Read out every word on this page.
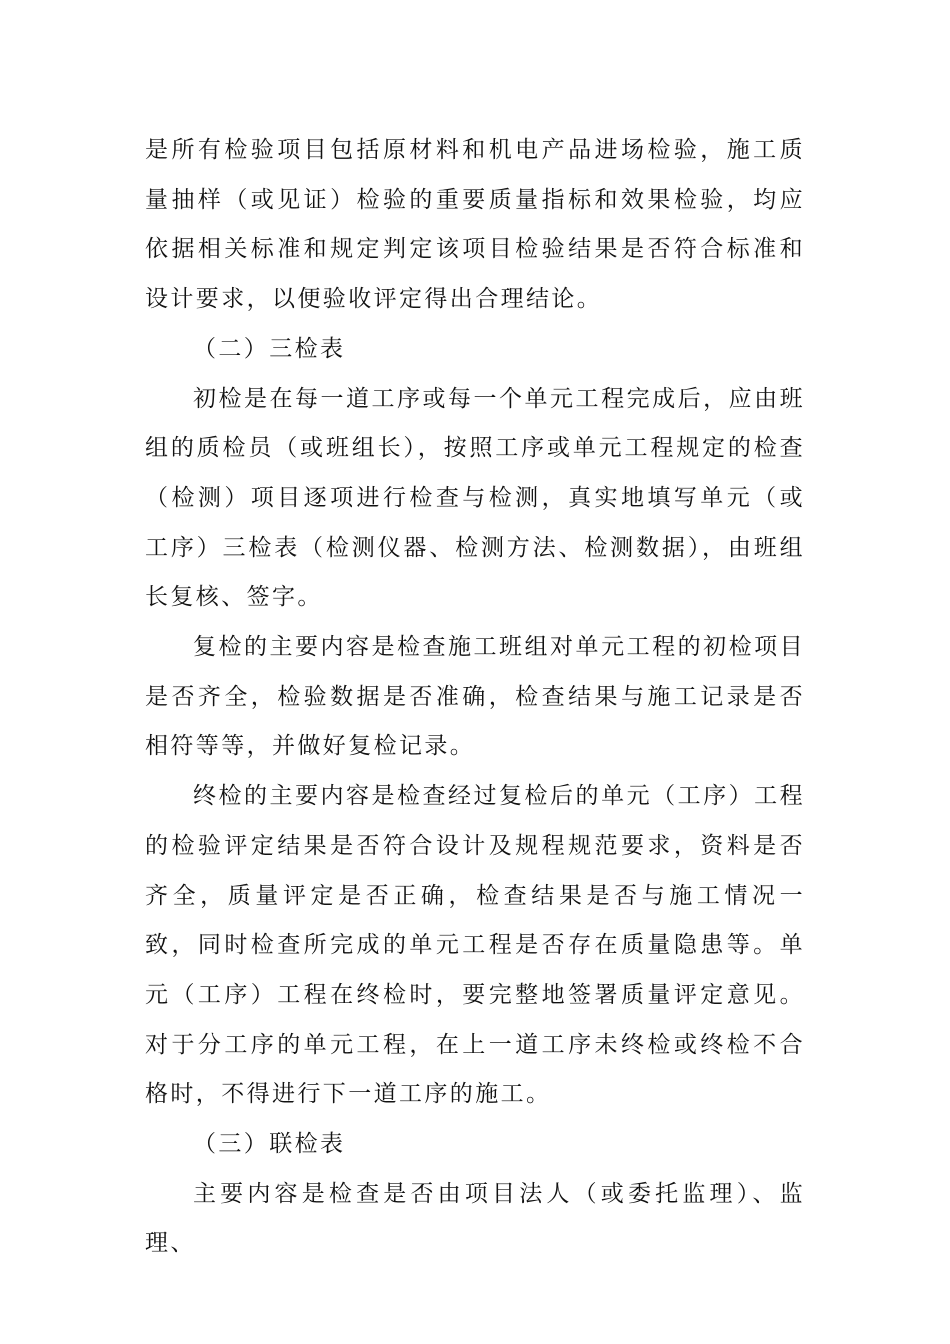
是所有检验项目包括原材料和机电产品进场检验，施工质量抽样（或见证）检验的重要质量指标和效果检验，均应依据相关标准和规定判定该项目检验结果是否符合标准和设计要求，以便验收评定得出合理结论。

（二）三检表

初检是在每一道工序或每一个单元工程完成后，应由班组的质检员（或班组长），按照工序或单元工程规定的检查（检测）项目逐项进行检查与检测，真实地填写单元（或工序）三检表（检测仪器、检测方法、检测数据），由班组长复核、签字。

复检的主要内容是检查施工班组对单元工程的初检项目是否齐全，检验数据是否准确，检查结果与施工记录是否相符等等，并做好复检记录。

终检的主要内容是检查经过复检后的单元（工序）工程的检验评定结果是否符合设计及规程规范要求，资料是否齐全，质量评定是否正确，检查结果是否与施工情况一致，同时检查所完成的单元工程是否存在质量隐患等。单元（工序）工程在终检时，要完整地签署质量评定意见。对于分工序的单元工程，在上一道工序未终检或终检不合格时，不得进行下一道工序的施工。

（三）联检表

主要内容是检查是否由项目法人（或委托监理）、监理、
